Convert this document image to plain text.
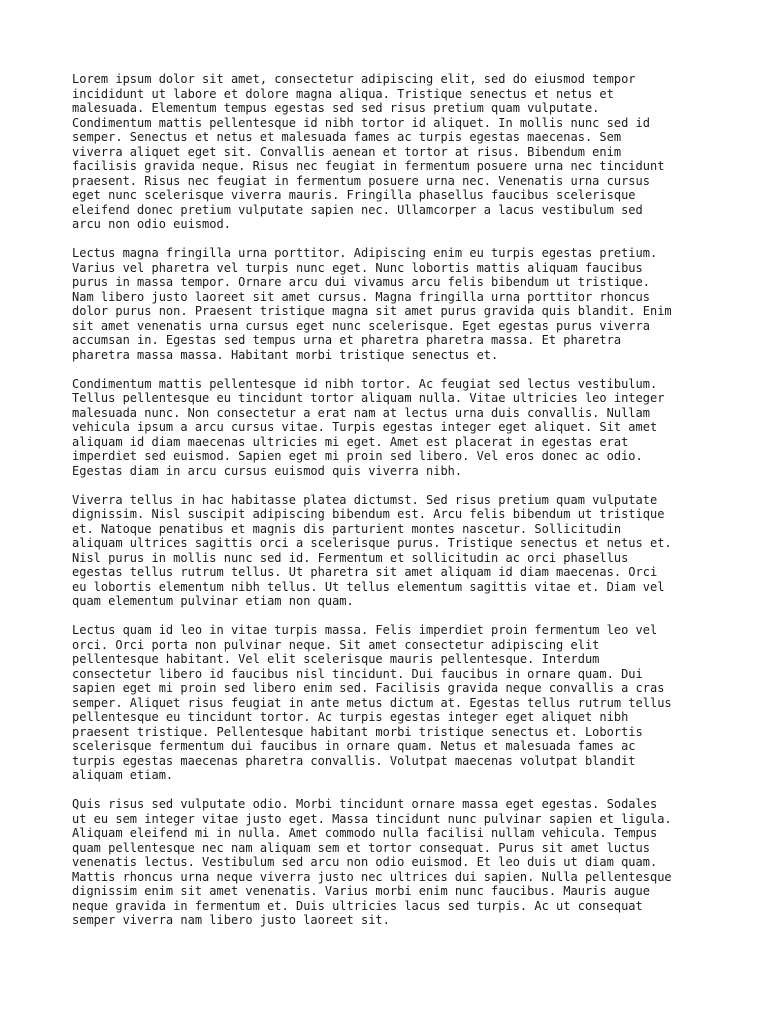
Lorem ipsum dolor sit amet, consectetur adipiscing elit, sed do eiusmod tempor
incididunt ut labore et dolore magna aliqua. Tristique senectus et netus et
malesuada. Elementum tempus egestas sed sed risus pretium quam vulputate.
Condimentum mattis pellentesque id nibh tortor id aliquet. In mollis nunc sed id
semper. Senectus et netus et malesuada fames ac turpis egestas maecenas. Sem
viverra aliquet eget sit. Convallis aenean et tortor at risus. Bibendum enim
facilisis gravida neque. Risus nec feugiat in fermentum posuere urna nec tincidunt
praesent. Risus nec feugiat in fermentum posuere urna nec. Venenatis urna cursus
eget nunc scelerisque viverra mauris. Fringilla phasellus faucibus scelerisque
eleifend donec pretium vulputate sapien nec. Ullamcorper a lacus vestibulum sed
arcu non odio euismod.

Lectus magna fringilla urna porttitor. Adipiscing enim eu turpis egestas pretium.
Varius vel pharetra vel turpis nunc eget. Nunc lobortis mattis aliquam faucibus
purus in massa tempor. Ornare arcu dui vivamus arcu felis bibendum ut tristique.
Nam libero justo laoreet sit amet cursus. Magna fringilla urna porttitor rhoncus
dolor purus non. Praesent tristique magna sit amet purus gravida quis blandit. Enim
sit amet venenatis urna cursus eget nunc scelerisque. Eget egestas purus viverra
accumsan in. Egestas sed tempus urna et pharetra pharetra massa. Et pharetra
pharetra massa massa. Habitant morbi tristique senectus et.

Condimentum mattis pellentesque id nibh tortor. Ac feugiat sed lectus vestibulum.
Tellus pellentesque eu tincidunt tortor aliquam nulla. Vitae ultricies leo integer
malesuada nunc. Non consectetur a erat nam at lectus urna duis convallis. Nullam
vehicula ipsum a arcu cursus vitae. Turpis egestas integer eget aliquet. Sit amet
aliquam id diam maecenas ultricies mi eget. Amet est placerat in egestas erat
imperdiet sed euismod. Sapien eget mi proin sed libero. Vel eros donec ac odio.
Egestas diam in arcu cursus euismod quis viverra nibh.

Viverra tellus in hac habitasse platea dictumst. Sed risus pretium quam vulputate
dignissim. Nisl suscipit adipiscing bibendum est. Arcu felis bibendum ut tristique
et. Natoque penatibus et magnis dis parturient montes nascetur. Sollicitudin
aliquam ultrices sagittis orci a scelerisque purus. Tristique senectus et netus et.
Nisl purus in mollis nunc sed id. Fermentum et sollicitudin ac orci phasellus
egestas tellus rutrum tellus. Ut pharetra sit amet aliquam id diam maecenas. Orci
eu lobortis elementum nibh tellus. Ut tellus elementum sagittis vitae et. Diam vel
quam elementum pulvinar etiam non quam.

Lectus quam id leo in vitae turpis massa. Felis imperdiet proin fermentum leo vel
orci. Orci porta non pulvinar neque. Sit amet consectetur adipiscing elit
pellentesque habitant. Vel elit scelerisque mauris pellentesque. Interdum
consectetur libero id faucibus nisl tincidunt. Dui faucibus in ornare quam. Dui
sapien eget mi proin sed libero enim sed. Facilisis gravida neque convallis a cras
semper. Aliquet risus feugiat in ante metus dictum at. Egestas tellus rutrum tellus
pellentesque eu tincidunt tortor. Ac turpis egestas integer eget aliquet nibh
praesent tristique. Pellentesque habitant morbi tristique senectus et. Lobortis
scelerisque fermentum dui faucibus in ornare quam. Netus et malesuada fames ac
turpis egestas maecenas pharetra convallis. Volutpat maecenas volutpat blandit
aliquam etiam.

Quis risus sed vulputate odio. Morbi tincidunt ornare massa eget egestas. Sodales
ut eu sem integer vitae justo eget. Massa tincidunt nunc pulvinar sapien et ligula.
Aliquam eleifend mi in nulla. Amet commodo nulla facilisi nullam vehicula. Tempus
quam pellentesque nec nam aliquam sem et tortor consequat. Purus sit amet luctus
venenatis lectus. Vestibulum sed arcu non odio euismod. Et leo duis ut diam quam.
Mattis rhoncus urna neque viverra justo nec ultrices dui sapien. Nulla pellentesque
dignissim enim sit amet venenatis. Varius morbi enim nunc faucibus. Mauris augue
neque gravida in fermentum et. Duis ultricies lacus sed turpis. Ac ut consequat
semper viverra nam libero justo laoreet sit.
